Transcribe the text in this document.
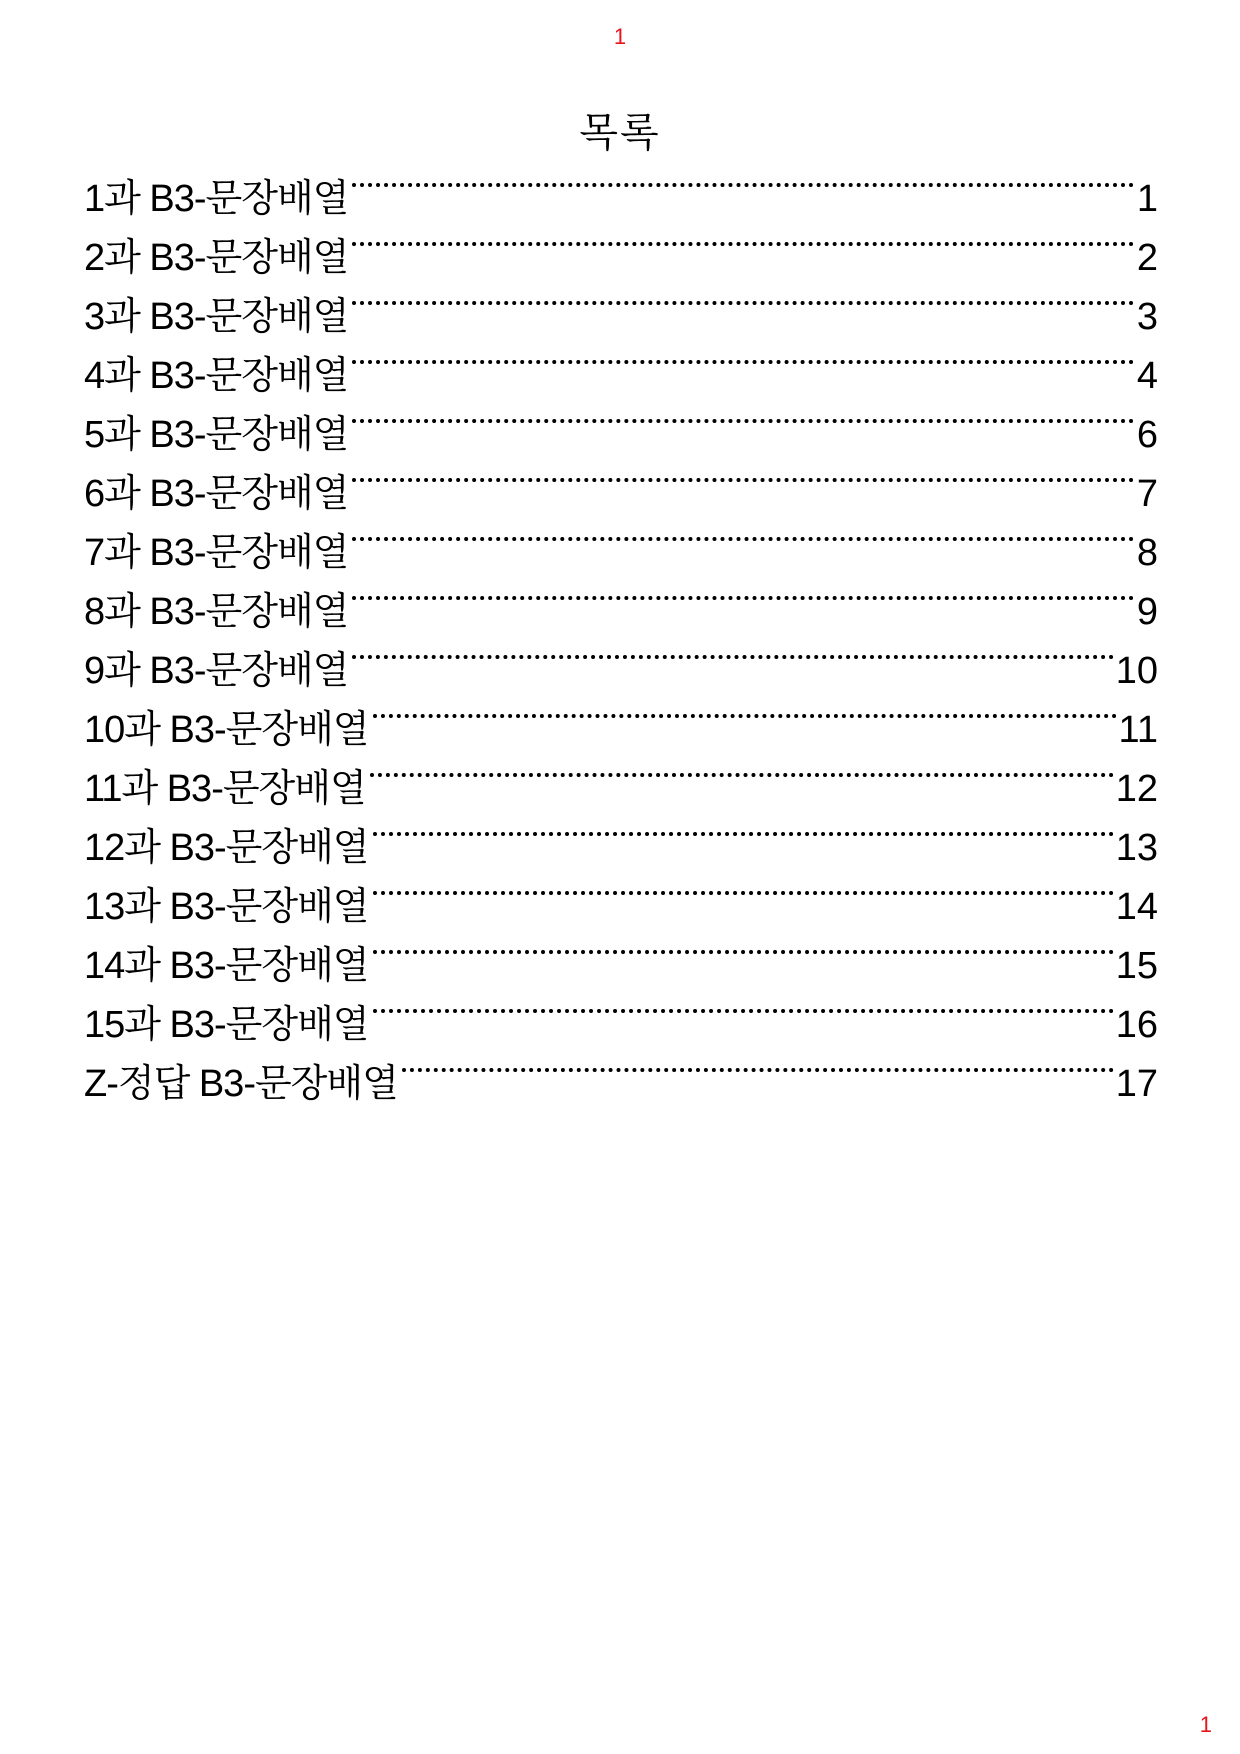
1
목록
1과 B3-문장배열	1
2과 B3-문장배열	2
3과 B3-문장배열	3
4과 B3-문장배열	4
5과 B3-문장배열	6
6과 B3-문장배열	7
7과 B3-문장배열	8
8과 B3-문장배열	9
9과 B3-문장배열	10
10과 B3-문장배열	11
11과 B3-문장배열	12
12과 B3-문장배열	13
13과 B3-문장배열	14
14과 B3-문장배열	15
15과 B3-문장배열	16
Z-정답 B3-문장배열	17
1
